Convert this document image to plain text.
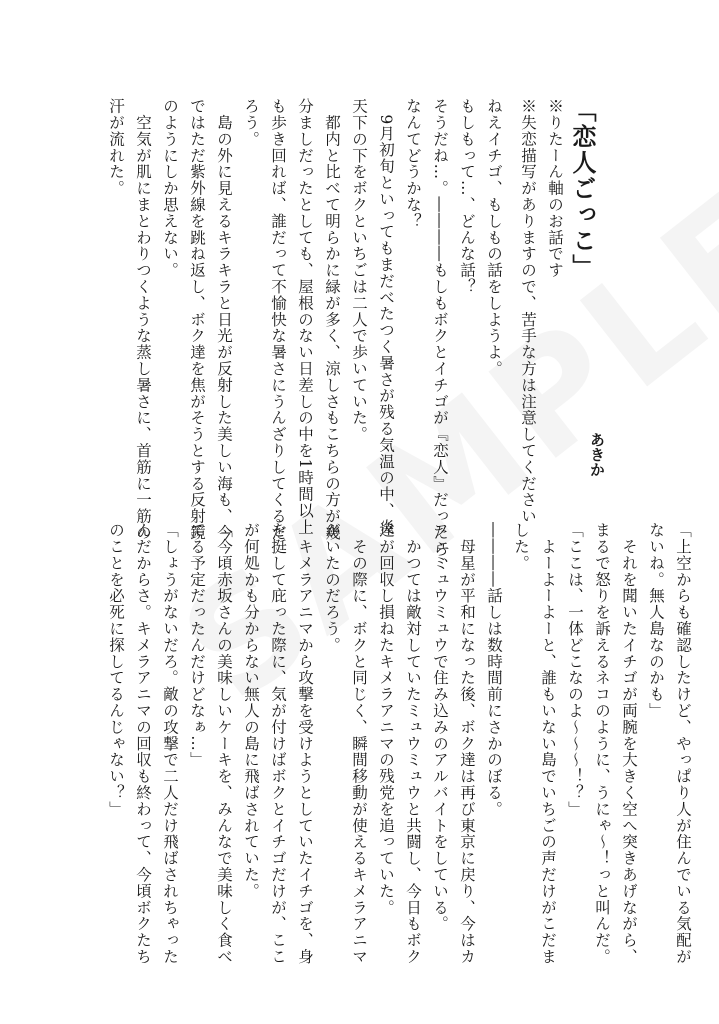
「恋人ごっこ」
※りたーん軸のお話です
※失恋描写がありますので、苦手な方は注意してください	あきか
ねえイチゴ、もしもの話をしようよ。
もしもって…、どんな話？
そうだね…。――――もしもボクとイチゴが『恋人』だったら、
なんてどうかな？
　9月初旬といってもまだべたつく暑さが残る気温の中、炎
天下の下をボクといちごは二人で歩いていた。
　都内と比べて明らかに緑が多く、涼しさもこちらの方が幾
分ましだったとしても、屋根のない日差しの中を1時間以上
も歩き回れば、誰だって不愉快な暑さにうんざりしてくるだ
ろう。
　島の外に見えるキラキラと日光が反射した美しい海も、今
ではただ紫外線を跳ね返し、ボク達を焦がそうとする反射鏡
のようにしか思えない。
　空気が肌にまとわりつくような蒸し暑さに、首筋に一筋の
汗が流れた。
「上空からも確認したけど、やっぱり人が住んでいる気配が
ないね。無人島なのかも」
　それを聞いたイチゴが両腕を大きく空へ突きあげながら、
まるで怒りを訴えるネコのように、うにゃ～！っと叫んだ。
「ここは、一体どこなのよ～～～！？」
　よーよーよーと、誰もいない島でいちごの声だけがこだま
した。
――――話しは数時間前にさかのぼる。
　母星が平和になった後、ボク達は再び東京に戻り、今はカ
フェミュウミュウで住み込みのアルバイトをしている。
　かつては敵対していたミュウミュウと共闘し、今日もボク
達が回収し損ねたキメラアニマの残党を追っていた。
　その際に、ボクと同じく、瞬間移動が使えるキメラアニマ
がいたのだろう。
　キメラアニマから攻撃を受けようとしていたイチゴを、身
を挺して庇った際に、気が付けばボクとイチゴだけが、ここ
が何処かも分からない無人の島に飛ばされていた。
「今頃赤坂さんの美味しいケーキを、みんなで美味しく食べ
てる予定だったんだけどなぁ…」
「しょうがないだろ。敵の攻撃で二人だけ飛ばされちゃった
んだからさ。キメラアニマの回収も終わって、今頃ボクたち
のことを必死に探してるんじゃない？」
